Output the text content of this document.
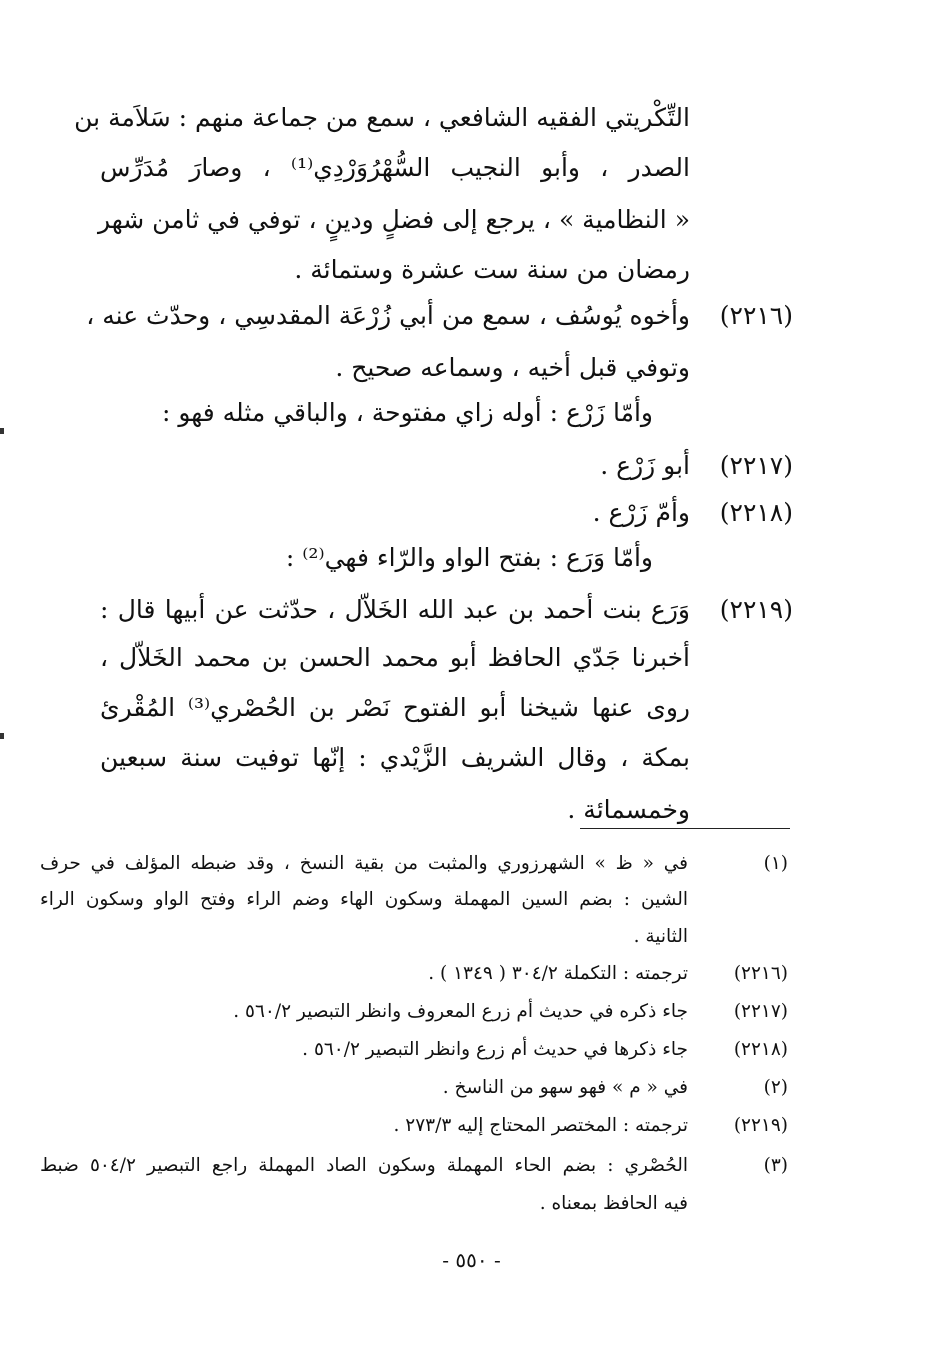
التِّكْريتي الفقيه الشافعي ، سمع من جماعة منهم : سَلاَمة بن
الصدر ، وأبو النجيب السُّهْرُوَرْدِي⁽¹⁾ ، وصارَ مُدَرِّس
« النظامية » ، يرجع إلى فضلٍ ودينٍ ، توفي في ثامن شهر
رمضان من سنة ست عشرة وستمائة .
(٢٢١٦)
وأخوه يُوسُف ، سمع من أبي زُرْعَة المقدسِي ، وحدّث عنه ،
وتوفي قبل أخيه ، وسماعه صحيح .
وأمّا زَرْع : أوله زاي مفتوحة ، والباقي مثله فهو :
(٢٢١٧)
أبو زَرْع .
(٢٢١٨)
وأمّ زَرْع .
وأمّا وَرَع : بفتح الواو والرّاء فهي⁽²⁾ :
(٢٢١٩)
وَرَع بنت أحمد بن عبد الله الخَلاّل ، حدّثت عن أبيها قال :
أخبرنا جَدّي الحافظ أبو محمد الحسن بن محمد الخَلاّل ،
روى عنها شيخنا أبو الفتوح نَصْر بن الحُصْري⁽³⁾ المُقْرئ
بمكة ، وقال الشريف الزَّيْدي : إنّها توفيت سنة سبعين
وخمسمائة .
(١)
في « ظ » الشهرزوري والمثبت من بقية النسخ ، وقد ضبطه المؤلف في حرف
الشين : بضم السين المهملة وسكون الهاء وضم الراء وفتح الواو وسكون الراء
الثانية .
(٢٢١٦)
ترجمته : التكملة ٣٠٤/٢ ( ١٣٤٩ ) .
(٢٢١٧)
جاء ذكره في حديث أم زرع المعروف وانظر التبصير ٥٦٠/٢ .
(٢٢١٨)
جاء ذكرها في حديث أم زرع وانظر التبصير ٥٦٠/٢ .
(٢)
في « م » فهو سهو من الناسخ .
(٢٢١٩)
ترجمته : المختصر المحتاج إليه ٢٧٣/٣ .
(٣)
الحُصْري : بضم الحاء المهملة وسكون الصاد المهملة راجع التبصير ٥٠٤/٢ ضبط
فيه الحافظ بمعناه .
- ٥٥٠ -
